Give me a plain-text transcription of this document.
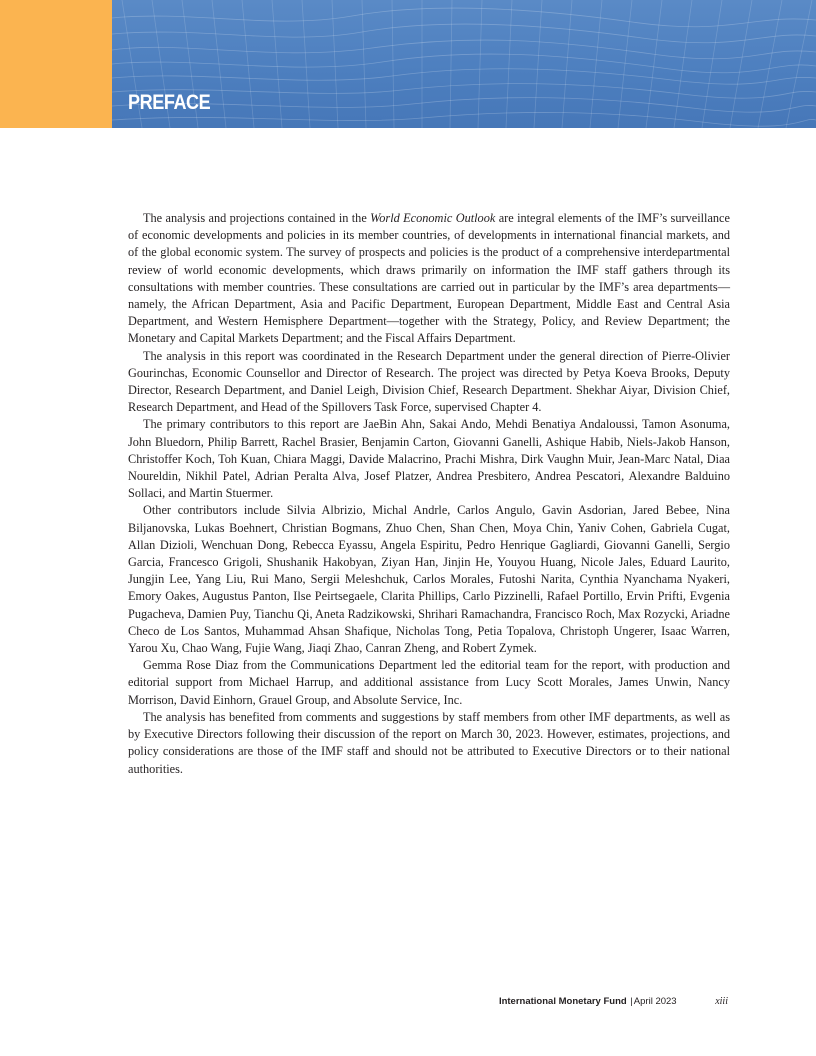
PREFACE

The analysis and projections contained in the World Economic Outlook are integral elements of the IMF’s surveillance of economic developments and policies in its member countries, of developments in international financial markets, and of the global economic system. The survey of prospects and policies is the product of a comprehensive interdepartmental review of world economic developments, which draws primarily on information the IMF staff gathers through its consultations with member countries. These consultations are carried out in particular by the IMF’s area departments—namely, the African Department, Asia and Pacific Department, European Department, Middle East and Central Asia Department, and Western Hemisphere Department—together with the Strategy, Policy, and Review Department; the Monetary and Capital Markets Department; and the Fiscal Affairs Department.

The analysis in this report was coordinated in the Research Department under the general direction of Pierre-Olivier Gourinchas, Economic Counsellor and Director of Research. The project was directed by Petya Koeva Brooks, Deputy Director, Research Department, and Daniel Leigh, Division Chief, Research Department. Shekhar Aiyar, Division Chief, Research Department, and Head of the Spillovers Task Force, supervised Chapter 4.

The primary contributors to this report are JaeBin Ahn, Sakai Ando, Mehdi Benatiya Andaloussi, Tamon Asonuma, John Bluedorn, Philip Barrett, Rachel Brasier, Benjamin Carton, Giovanni Ganelli, Ashique Habib, Niels-Jakob Hanson, Christoffer Koch, Toh Kuan, Chiara Maggi, Davide Malacrino, Prachi Mishra, Dirk Vaughn Muir, Jean-Marc Natal, Diaa Noureldin, Nikhil Patel, Adrian Peralta Alva, Josef Platzer, Andrea Presbitero, Andrea Pescatori, Alexandre Balduino Sollaci, and Martin Stuermer.

Other contributors include Silvia Albrizio, Michal Andrle, Carlos Angulo, Gavin Asdorian, Jared Bebee, Nina Biljanovska, Lukas Boehnert, Christian Bogmans, Zhuo Chen, Shan Chen, Moya Chin, Yaniv Cohen, Gabriela Cugat, Allan Dizioli, Wenchuan Dong, Rebecca Eyassu, Angela Espiritu, Pedro Henrique Gagliardi, Giovanni Ganelli, Sergio Garcia, Francesco Grigoli, Shushanik Hakobyan, Ziyan Han, Jinjin He, Youyou Huang, Nicole Jales, Eduard Laurito, Jungjin Lee, Yang Liu, Rui Mano, Sergii Meleshchuk, Carlos Morales, Futoshi Narita, Cynthia Nyanchama Nyakeri, Emory Oakes, Augustus Panton, Ilse Peirtsegaele, Clarita Phillips, Carlo Pizzinelli, Rafael Portillo, Ervin Prifti, Evgenia Pugacheva, Damien Puy, Tianchu Qi, Aneta Radzikowski, Shrihari Ramachandra, Francisco Roch, Max Rozycki, Ariadne Checo de Los Santos, Muhammad Ahsan Shafique, Nicholas Tong, Petia Topalova, Christoph Ungerer, Isaac Warren, Yarou Xu, Chao Wang, Fujie Wang, Jiaqi Zhao, Canran Zheng, and Robert Zymek.

Gemma Rose Diaz from the Communications Department led the editorial team for the report, with production and editorial support from Michael Harrup, and additional assistance from Lucy Scott Morales, James Unwin, Nancy Morrison, David Einhorn, Grauel Group, and Absolute Service, Inc.

The analysis has benefited from comments and suggestions by staff members from other IMF departments, as well as by Executive Directors following their discussion of the report on March 30, 2023. However, estimates, projections, and policy considerations are those of the IMF staff and should not be attributed to Executive Directors or to their national authorities.

International Monetary Fund |April 2023	xiii
